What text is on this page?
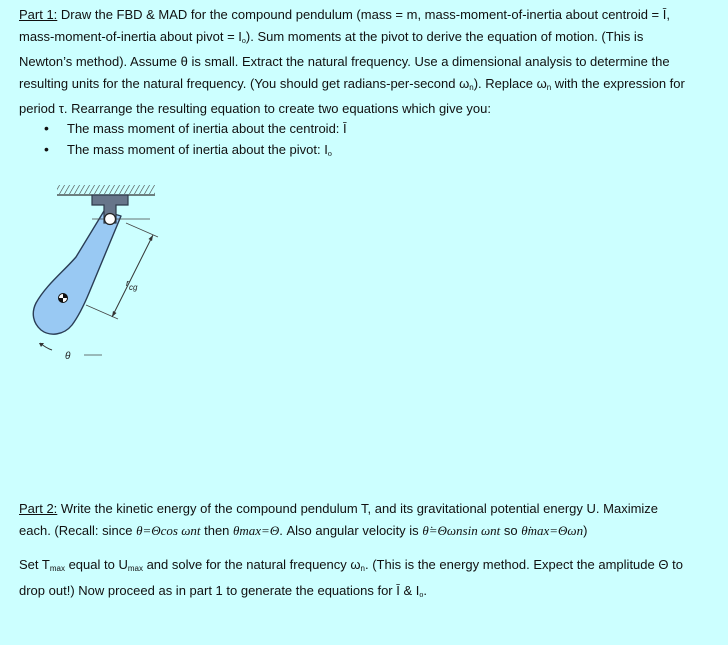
Part 1: Draw the FBD & MAD for the compound pendulum (mass = m, mass-moment-of-inertia about centroid = Ī,
mass-moment-of-inertia about pivot = $I_o$). Sum moments at the pivot to derive the equation of motion. (This is
Newton’s method). Assume θ is small. Extract the natural frequency. Use a dimensional analysis to determine the
resulting units for the natural frequency. (You should get radians-per-second $\omega_n$). Replace $\omega_n$ with the expression for
period τ. Rearrange the resulting equation to create two equations which give you:

• The mass moment of inertia about the centroid: Ī
• The mass moment of inertia about the pivot: $I_o$
rcg
θ

Part 2: Write the kinetic energy of the compound pendulum T, and its gravitational potential energy U. Maximize
each. (Recall: since θ=Θcos ωnt then θmax=Θ. Also angular velocity is θ̇=Θωnsin ωnt so θ̇max=Θωn)

Set $T_{max}$ equal to $U_{max}$ and solve for the natural frequency $\omega_n$. (This is the energy method. Expect the amplitude Θ to
drop out!) Now proceed as in part 1 to generate the equations for Ī & $I_o$.
